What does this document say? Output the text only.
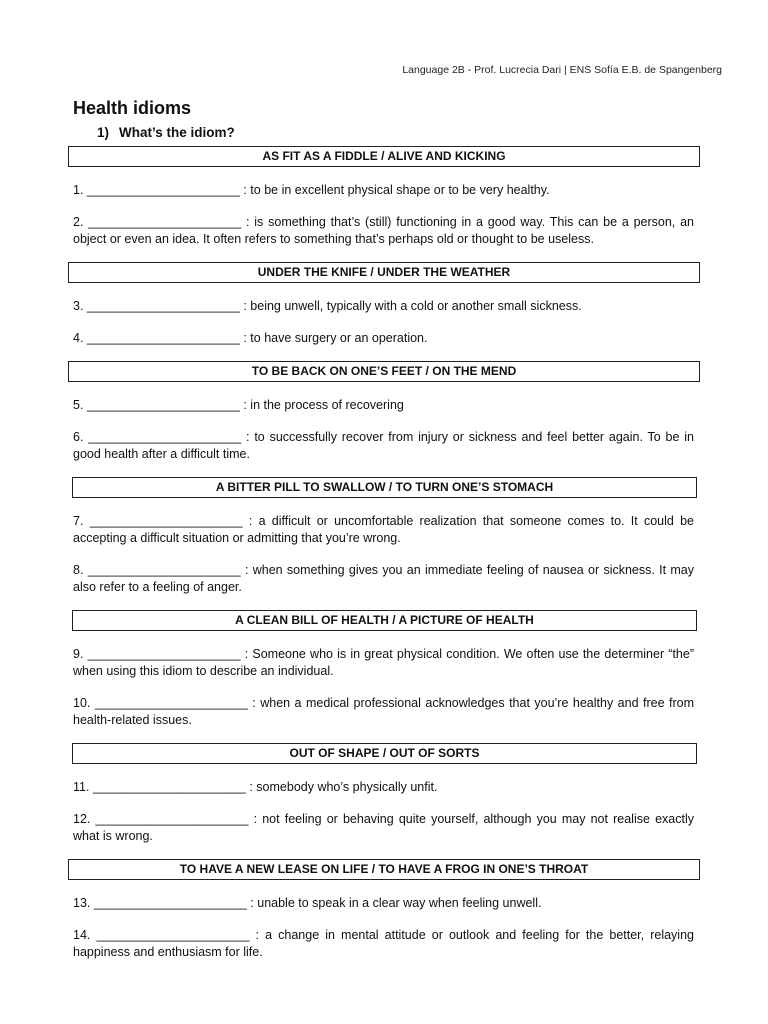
Language 2B - Prof. Lucrecia Dari | ENS Sofía E.B. de Spangenberg
Health idioms
1) What’s the idiom?
AS FIT AS A FIDDLE / ALIVE AND KICKING

1. ______________________ : to be in excellent physical shape or to be very healthy.

2. ______________________ : is something that’s (still) functioning in a good way. This can be a person, an object or even an idea. It often refers to something that’s perhaps old or thought to be useless.

UNDER THE KNIFE / UNDER THE WEATHER

3. ______________________ : being unwell, typically with a cold or another small sickness.

4. ______________________ : to have surgery or an operation.

TO BE BACK ON ONE’S FEET / ON THE MEND

5. ______________________ : in the process of recovering

6. ______________________ : to successfully recover from injury or sickness and feel better again. To be in good health after a difficult time.

A BITTER PILL TO SWALLOW / TO TURN ONE’S STOMACH

7. ______________________ : a difficult or uncomfortable realization that someone comes to. It could be accepting a difficult situation or admitting that you’re wrong.

8. ______________________ : when something gives you an immediate feeling of nausea or sickness. It may also refer to a feeling of anger.

A CLEAN BILL OF HEALTH / A PICTURE OF HEALTH

9. ______________________ : Someone who is in great physical condition. We often use the determiner “the” when using this idiom to describe an individual.

10. ______________________ : when a medical professional acknowledges that you’re healthy and free from health-related issues.

OUT OF SHAPE / OUT OF SORTS

11. ______________________ : somebody who’s physically unfit.

12. ______________________ : not feeling or behaving quite yourself, although you may not realise exactly what is wrong.

TO HAVE A NEW LEASE ON LIFE / TO HAVE A FROG IN ONE’S THROAT

13. ______________________ : unable to speak in a clear way when feeling unwell.

14. ______________________ : a change in mental attitude or outlook and feeling for the better, relaying happiness and enthusiasm for life.
